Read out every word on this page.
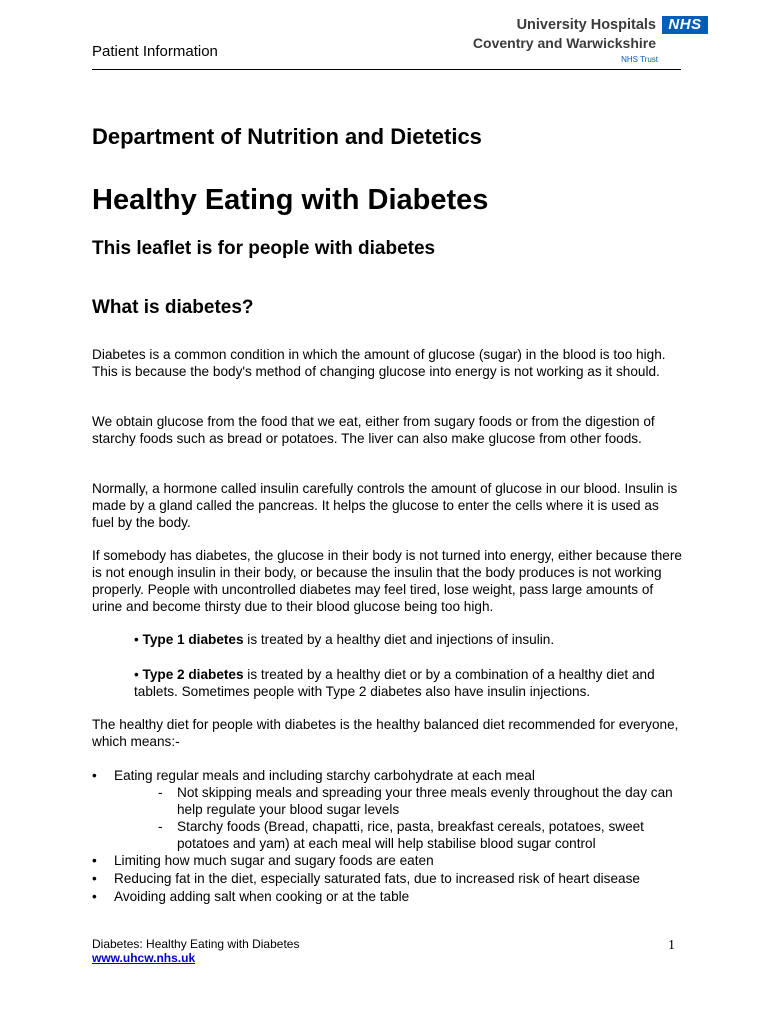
Patient Information
University Hospitals
Coventry and Warwickshire
NHS
NHS Trust
Department of Nutrition and Dietetics
Healthy Eating with Diabetes
This leaflet is for people with diabetes
What is diabetes?
Diabetes is a common condition in which the amount of glucose (sugar) in the blood is too high. This is because the body's method of changing glucose into energy is not working as it should.
We obtain glucose from the food that we eat, either from sugary foods or from the digestion of starchy foods such as bread or potatoes. The liver can also make glucose from other foods.
Normally, a hormone called insulin carefully controls the amount of glucose in our blood. Insulin is made by a gland called the pancreas. It helps the glucose to enter the cells where it is used as fuel by the body.
If somebody has diabetes, the glucose in their body is not turned into energy, either because there is not enough insulin in their body, or because the insulin that the body produces is not working properly. People with uncontrolled diabetes may feel tired, lose weight, pass large amounts of urine and become thirsty due to their blood glucose being too high.
• Type 1 diabetes is treated by a healthy diet and injections of insulin.
• Type 2 diabetes is treated by a healthy diet or by a combination of a healthy diet and tablets. Sometimes people with Type 2 diabetes also have insulin injections.
The healthy diet for people with diabetes is the healthy balanced diet recommended for everyone, which means:-
• Eating regular meals and including starchy carbohydrate at each meal
- Not skipping meals and spreading your three meals evenly throughout the day can help regulate your blood sugar levels
- Starchy foods (Bread, chapatti, rice, pasta, breakfast cereals, potatoes, sweet potatoes and yam) at each meal will help stabilise blood sugar control
• Limiting how much sugar and sugary foods are eaten
• Reducing fat in the diet, especially saturated fats, due to increased risk of heart disease
• Avoiding adding salt when cooking or at the table
Diabetes: Healthy Eating with Diabetes
www.uhcw.nhs.uk
1
